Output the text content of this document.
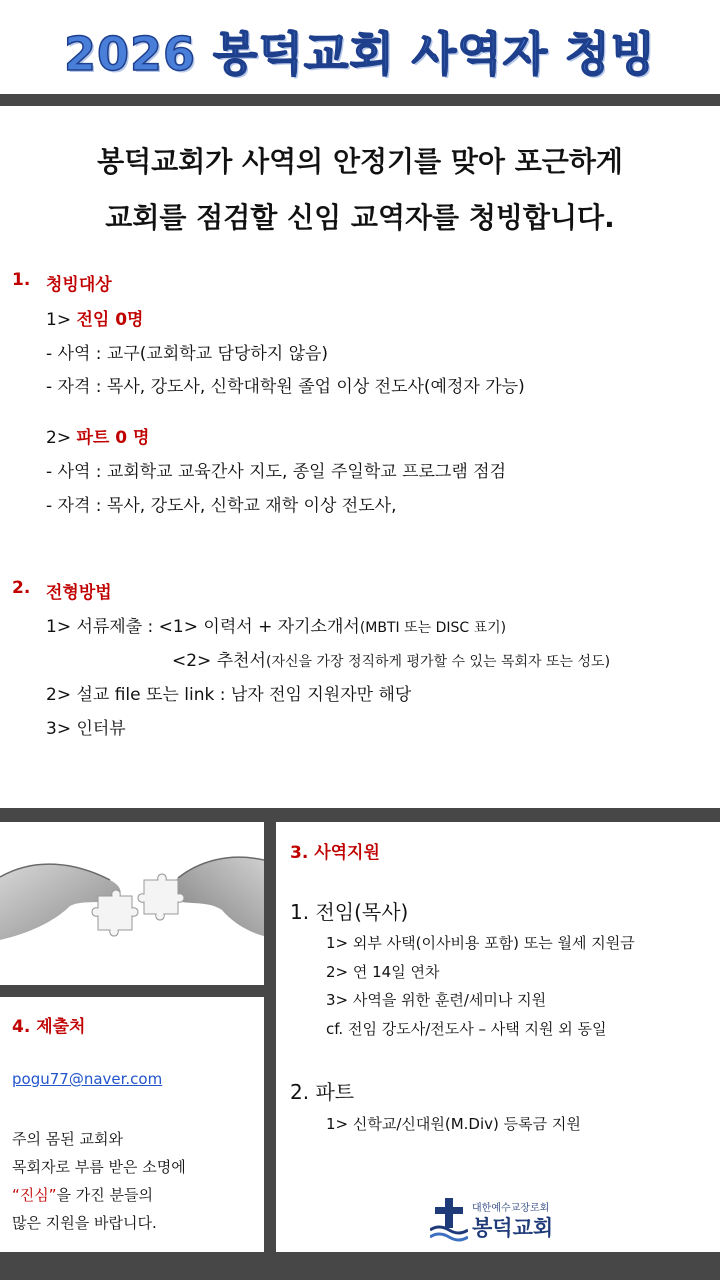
2026 봉덕교회 사역자 청빙
봉덕교회가 사역의 안정기를 맞아 포근하게
교회를 점검할 신임 교역자를 청빙합니다.
1. 청빙대상
1> 전임 0명
- 사역 : 교구(교회학교 담당하지 않음)
- 자격 : 목사, 강도사, 신학대학원 졸업 이상 전도사(예정자 가능)
2> 파트 0 명
- 사역 : 교회학교 교육간사 지도, 종일 주일학교 프로그램 점검
- 자격 : 목사, 강도사, 신학교 재학 이상 전도사,
2. 전형방법
1> 서류제출 : <1> 이력서 + 자기소개서(MBTI 또는 DISC 표기)
<2> 추천서(자신을 가장 정직하게 평가할 수 있는 목회자 또는 성도)
2> 설교 file 또는 link : 남자 전임 지원자만 해당
3> 인터뷰
4. 제출처
pogu77@naver.com
주의 몸된 교회와
목회자로 부름 받은 소명에
“진심”을 가진 분들의
많은 지원을 바랍니다.
3. 사역지원
1. 전임(목사)
1> 외부 사택(이사비용 포함) 또는 월세 지원금
2> 연 14일 연차
3> 사역을 위한 훈련/세미나 지원
cf. 전임 강도사/전도사 – 사택 지원 외 동일
2. 파트
1> 신학교/신대원(M.Div) 등록금 지원
대한예수교장로회
봉덕교회
